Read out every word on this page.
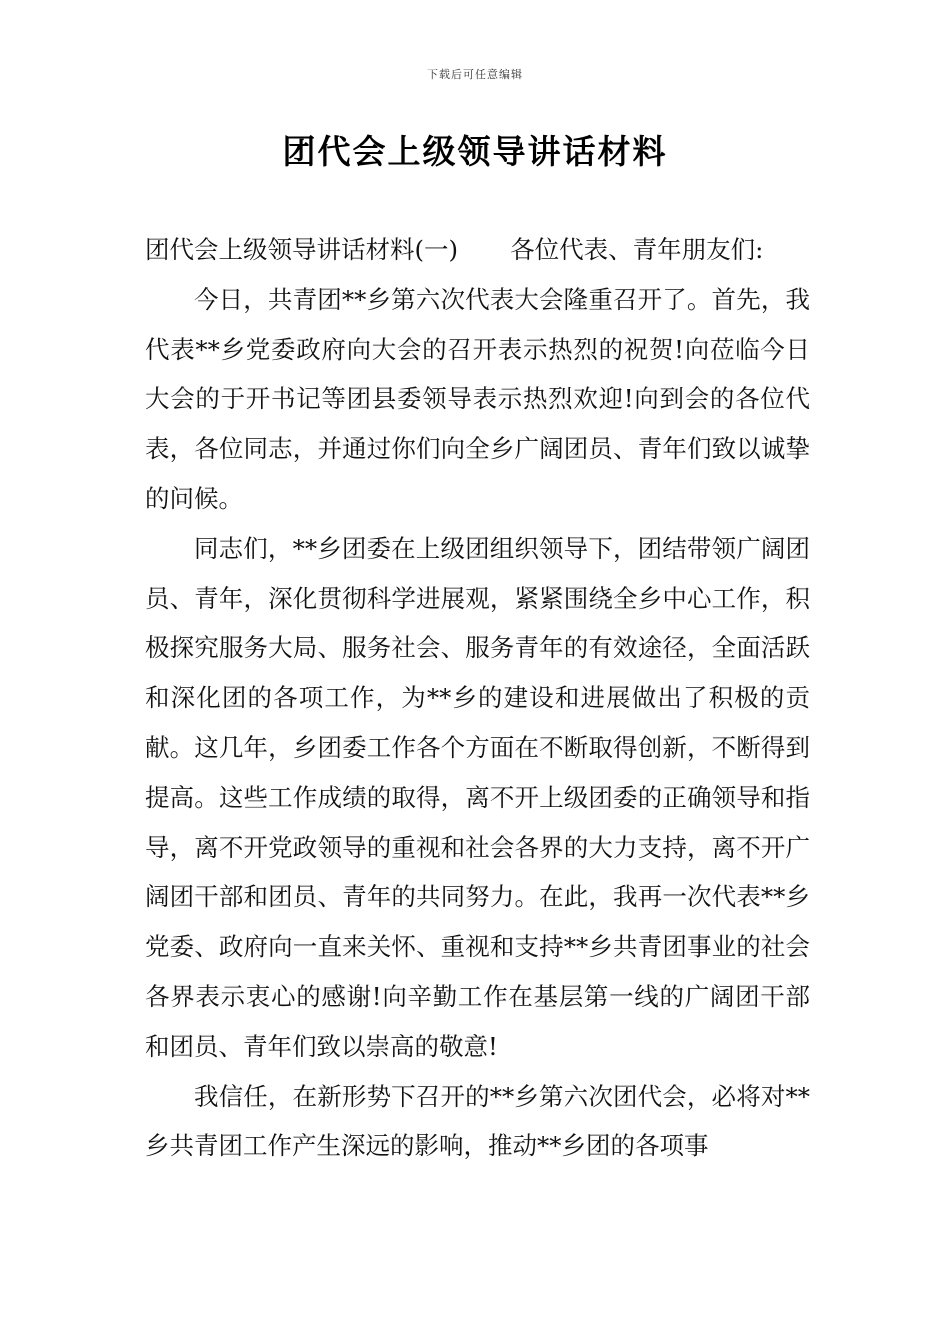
下载后可任意编辑
团代会上级领导讲话材料

团代会上级领导讲话材料(一) 各位代表、青年朋友们:

今日，共青团**乡第六次代表大会隆重召开了。首先，我代表**乡党委政府向大会的召开表示热烈的祝贺!向莅临今日大会的于开书记等团县委领导表示热烈欢迎!向到会的各位代表，各位同志，并通过你们向全乡广阔团员、青年们致以诚挚的问候。

同志们，**乡团委在上级团组织领导下，团结带领广阔团员、青年，深化贯彻科学进展观，紧紧围绕全乡中心工作，积极探究服务大局、服务社会、服务青年的有效途径，全面活跃和深化团的各项工作，为**乡的建设和进展做出了积极的贡献。这几年，乡团委工作各个方面在不断取得创新，不断得到提高。这些工作成绩的取得，离不开上级团委的正确领导和指导，离不开党政领导的重视和社会各界的大力支持，离不开广阔团干部和团员、青年的共同努力。在此，我再一次代表**乡党委、政府向一直来关怀、重视和支持**乡共青团事业的社会各界表示衷心的感谢!向辛勤工作在基层第一线的广阔团干部和团员、青年们致以崇高的敬意!

我信任，在新形势下召开的**乡第六次团代会，必将对**乡共青团工作产生深远的影响，推动**乡团的各项事
